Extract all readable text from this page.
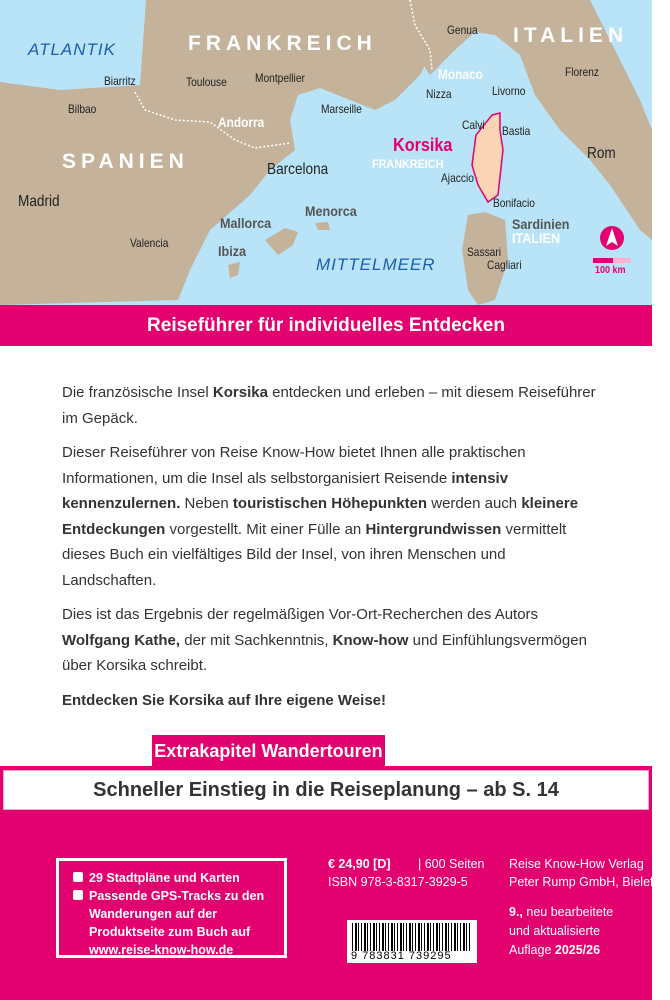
ATLANTIK
MITTELMEER
FRANKREICH	ITALIEN
SPANIEN
Genua
Florenz
Biarritz
Bilbao
Toulouse Montpellier
Marseille
Nizza
Monaco
Livorno
Andorra	Calvi Bastia
Ajaccio
Bonifacio
Rom
Barcelona
Madrid
Valencia
Sassari
Cagliari
Mallorca
Menorca
Ibiza
Sardinien
ITALIEN
Korsika
FRANKREICH
100 km
Reiseführer für individuelles Entdecken

Die französische Insel Korsika entdecken und erleben – mit diesem Reiseführer im Gepäck.

Dieser Reiseführer von Reise Know-How bietet Ihnen alle praktischen Informationen, um die Insel als selbstorganisiert Reisende intensiv kennenzulernen. Neben touristischen Höhepunkten werden auch kleinere Entdeckungen vorgestellt. Mit einer Fülle an Hintergrundwissen vermittelt dieses Buch ein vielfältiges Bild der Insel, von ihren Menschen und Landschaften.

Dies ist das Ergebnis der regelmäßigen Vor-Ort-Recherchen des Autors Wolfgang Kathe, der mit Sachkenntnis, Know-how und Einfühlungsvermögen über Korsika schreibt.

Entdecken Sie Korsika auf Ihre eigene Weise!

Extrakapitel Wandertouren
Schneller Einstieg in die Reiseplanung – ab S. 14
29 Stadtpläne und Karten
Passende GPS-Tracks zu den Wanderungen auf der Produktseite zum Buch auf www.reise-know-how.de
€ 24,90 [D] | 600 Seiten
ISBN 978-3-8317-3929-5
Reise Know-How Verlag
Peter Rump GmbH, Bielefeld
9., neu bearbeitete
und aktualisierte
Auflage 2025/26
9 783831 739295
